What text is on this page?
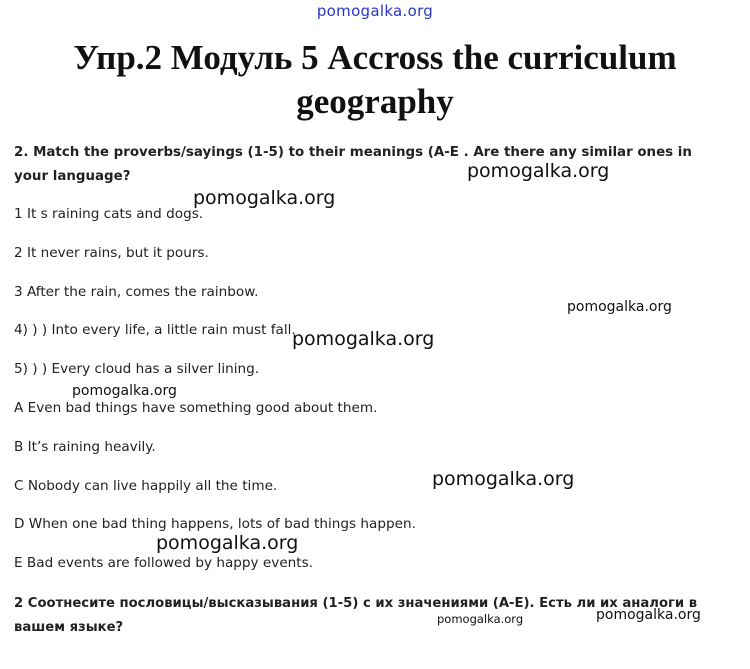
pomogalka.org
Упр.2 Модуль 5 Accross the curriculum geography
2. Match the proverbs/sayings (1-5) to their meanings (A-E . Are there any similar ones in your language?
1 It s raining cats and dogs.
2 It never rains, but it pours.
3 After the rain, comes the rainbow.
4) ) ) Into every life, a little rain must fall.
5) ) ) Every cloud has a silver lining.
A Even bad things have something good about them.
B It’s raining heavily.
C Nobody can live happily all the time.
D When one bad thing happens, lots of bad things happen.
E Bad events are followed by happy events.
2 Соотнесите пословицы/высказывания (1-5) с их значениями (A-E). Есть ли их аналоги в вашем языке?
pomogalka.org
pomogalka.org
pomogalka.org
pomogalka.org
pomogalka.org
pomogalka.org
pomogalka.org
pomogalka.org	pomogalka.org
